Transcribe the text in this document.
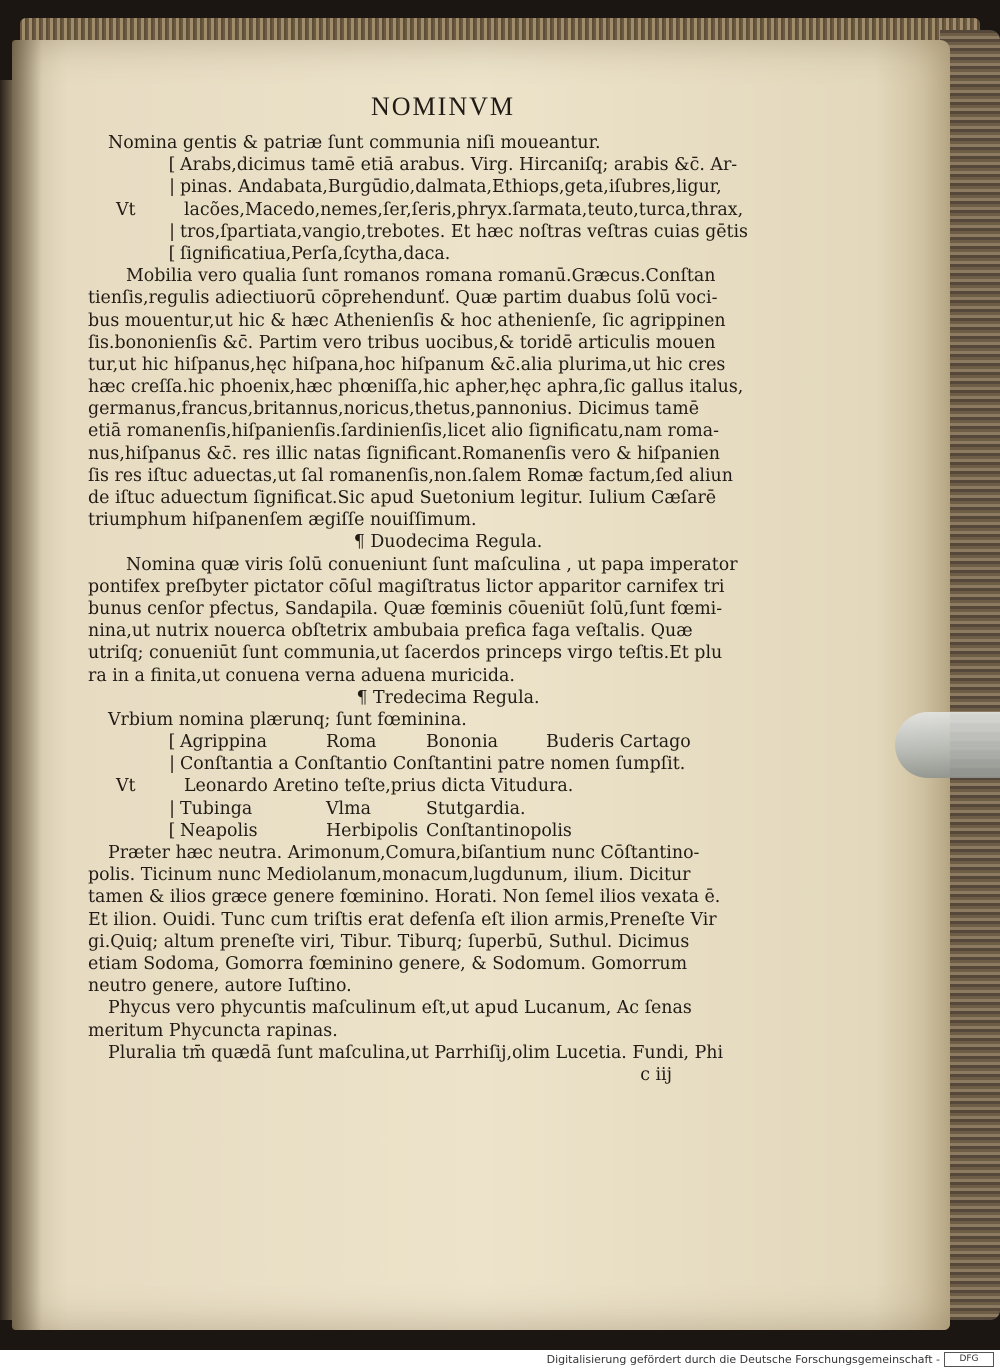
NOMINVM
Nomina gentis & patriæ ſunt communia niſi moueantur.
[ Arabs,dicimus tamē etiā arabus. Virg. Hircaniſq; arabis &c̄. Ar-
| pinas. Andabata,Burgūdio,dalmata,Ethiops,geta,iſubres,ligur,
Vt	lacões,Macedo,nemes,ſer,ſeris,phryx.ſarmata,teuto,turca,thrax,
| tros,ſpartiata,vangio,trebotes. Et hæc noſtras veſtras cuias gētis
[ ſignificatiua,Perſa,ſcytha,daca.
Mobilia vero qualia ſunt romanos romana romanū.Græcus.Conſtan
tienſis,regulis adiectiuorū cōprehendunť. Quæ partim duabus ſolū voci-
bus mouentur,ut hic & hæc Athenienſis & hoc athenienſe, ſic agrippinen
ſis.bononienſis &c̄. Partim vero tribus uocibus,& toridē articulis mouen
tur,ut hic hiſpanus,hęc hiſpana,hoc hiſpanum &c̄.alia plurima,ut hic cres
hæc creſſa.hic phoenix,hæc phœniſſa,hic apher,hęc aphra,ſic gallus italus,
germanus,francus,britannus,noricus,thetus,pannonius. Dicimus tamē
etiā romanenſis,hiſpanienſis.ſardinienſis,licet alio ſignificatu,nam roma-
nus,hiſpanus &c̄. res illic natas ſignificant.Romanenſis vero & hiſpanien
ſis res iſtuc aduectas,ut ſal romanenſis,non.ſalem Romæ factum,ſed aliun
de iſtuc aduectum ſignificat.Sic apud Suetonium legitur. Iulium Cæſarē
triumphum hiſpanenſem ægiſſe nouiſſimum.
¶ Duodecima Regula.
Nomina quæ viris ſolū conueniunt ſunt maſculina , ut papa imperator
pontifex preſbyter pictator cōſul magiſtratus lictor apparitor carnifex tri
bunus cenſor pfectus, Sandapila. Quæ fœminis cōueniūt ſolū,ſunt fœmi-
nina,ut nutrix nouerca obſtetrix ambubaia prefica faga veſtalis. Quæ
utriſq; conueniūt ſunt communia,ut ſacerdos princeps virgo teſtis.Et plu
ra in a finita,ut conuena verna aduena muricida.
¶ Tredecima Regula.
Vrbium nomina plærunq; ſunt fœminina.
[ Agrippina	Roma	Bononia	Buderis Cartago
| Conſtantia a Conſtantio Conſtantini patre nomen ſumpſit.
Vt	Leonardo Aretino teſte,prius dicta Vitudura.
| Tubinga	Vlma	Stutgardia.
[ Neapolis	Herbipolis Conſtantinopolis
Præter hæc neutra. Arimonum,Comura,biſantium nunc Cōſtantino-
polis. Ticinum nunc Mediolanum,monacum,lugdunum, ilium. Dicitur
tamen & ilios græce genere fœminino. Horati. Non ſemel ilios vexata ē.
Et ilion. Ouidi. Tunc cum triſtis erat defenſa eſt ilion armis,Preneſte Vir
gi.Quiq; altum preneſte viri, Tibur. Tiburq; ſuperbū, Suthul. Dicimus
etiam Sodoma, Gomorra fœminino genere, & Sodomum. Gomorrum
neutro genere, autore Iuſtino.
Phycus vero phycuntis maſculinum eſt,ut apud Lucanum, Ac ſenas
meritum Phycuncta rapinas.
Pluralia tm̄ quædā ſunt maſculina,ut Parrhiſij,olim Lucetia. Fundi, Phi
c iij
Digitalisierung gefördert durch die Deutsche Forschungsgemeinschaft -	DFG
